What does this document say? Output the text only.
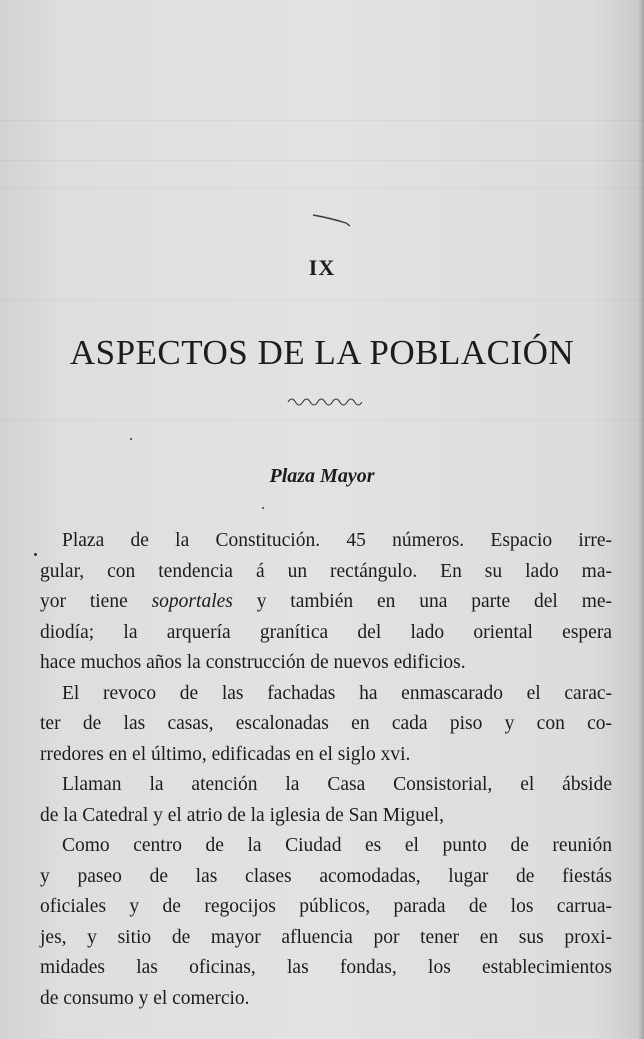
IX
ASPECTOS DE LA POBLACIÓN
Plaza Mayor
Plaza de la Constitución. 45 números. Espacio irre-
gular, con tendencia á un rectángulo. En su lado ma-
yor tiene soportales y también en una parte del me-
diodía; la arquería granítica del lado oriental espera
hace muchos años la construcción de nuevos edificios.
El revoco de las fachadas ha enmascarado el carac-
ter de las casas, escalonadas en cada piso y con co-
rredores en el último, edificadas en el siglo xvi.
Llaman la atención la Casa Consistorial, el ábside
de la Catedral y el atrio de la iglesia de San Miguel,
Como centro de la Ciudad es el punto de reunión
y paseo de las clases acomodadas, lugar de fiestás
oficiales y de regocijos públicos, parada de los carrua-
jes, y sitio de mayor afluencia por tener en sus proxi-
midades las oficinas, las fondas, los establecimientos
de consumo y el comercio.
